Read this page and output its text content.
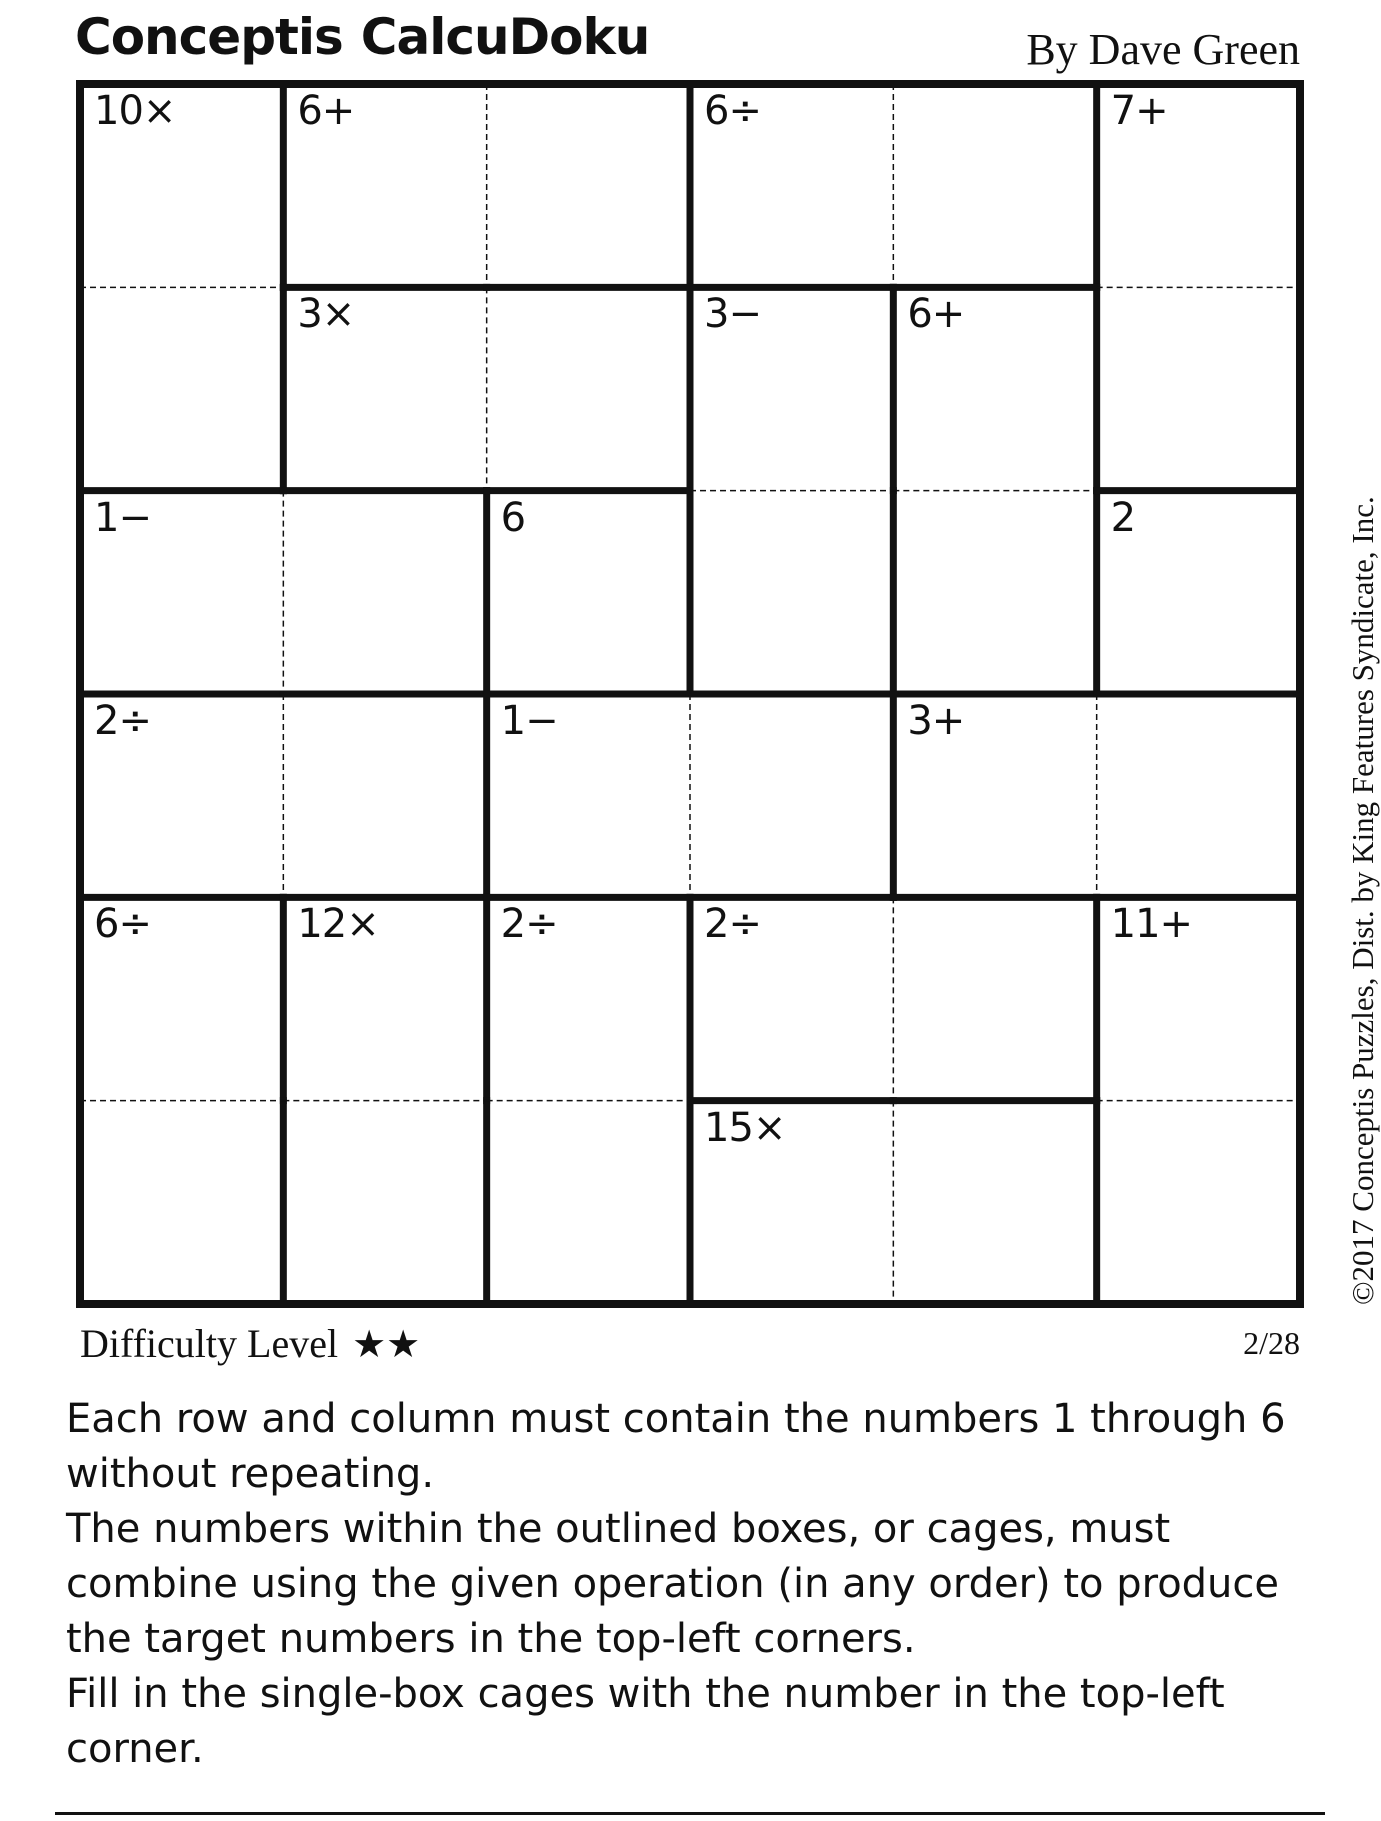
Conceptis CalcuDoku	By Dave Green
10×	6+	6÷	7+
3×	3−	6+
1−	6	2
2÷	1−	3+
6÷	12×	2÷	2÷	11+
15×	©2017 Conceptis Puzzles, Dist. by King Features Syndicate, Inc.
Difficulty Level ★★	2/28

Each row and column must contain the numbers 1 through 6 without repeating.

The numbers within the outlined boxes, or cages, must combine using the given operation (in any order) to produce the target numbers in the top-left corners.

Fill in the single-box cages with the number in the top-left corner.
